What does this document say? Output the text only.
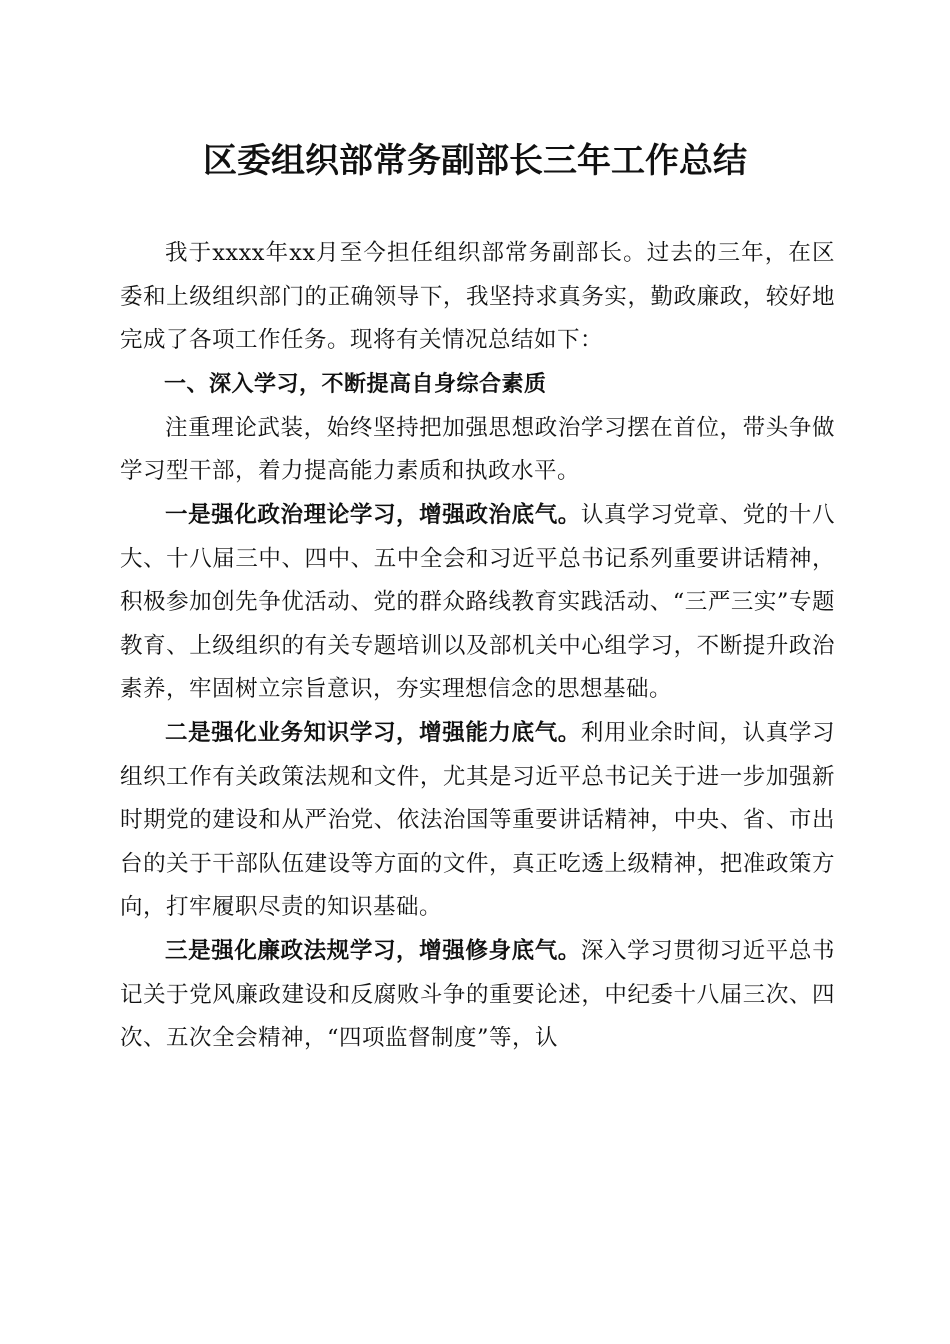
区委组织部常务副部长三年工作总结

我于xxxx年xx月至今担任组织部常务副部长。过去的三年，在区委和上级组织部门的正确领导下，我坚持求真务实，勤政廉政，较好地完成了各项工作任务。现将有关情况总结如下：

一、深入学习，不断提高自身综合素质

注重理论武装，始终坚持把加强思想政治学习摆在首位，带头争做学习型干部，着力提高能力素质和执政水平。

一是强化政治理论学习，增强政治底气。认真学习党章、党的十八大、十八届三中、四中、五中全会和习近平总书记系列重要讲话精神，积极参加创先争优活动、党的群众路线教育实践活动、“三严三实”专题教育、上级组织的有关专题培训以及部机关中心组学习，不断提升政治素养，牢固树立宗旨意识，夯实理想信念的思想基础。

二是强化业务知识学习，增强能力底气。利用业余时间，认真学习组织工作有关政策法规和文件，尤其是习近平总书记关于进一步加强新时期党的建设和从严治党、依法治国等重要讲话精神，中央、省、市出台的关于干部队伍建设等方面的文件，真正吃透上级精神，把准政策方向，打牢履职尽责的知识基础。

三是强化廉政法规学习，增强修身底气。深入学习贯彻习近平总书记关于党风廉政建设和反腐败斗争的重要论述，中纪委十八届三次、四次、五次全会精神，“四项监督制度”等，认
